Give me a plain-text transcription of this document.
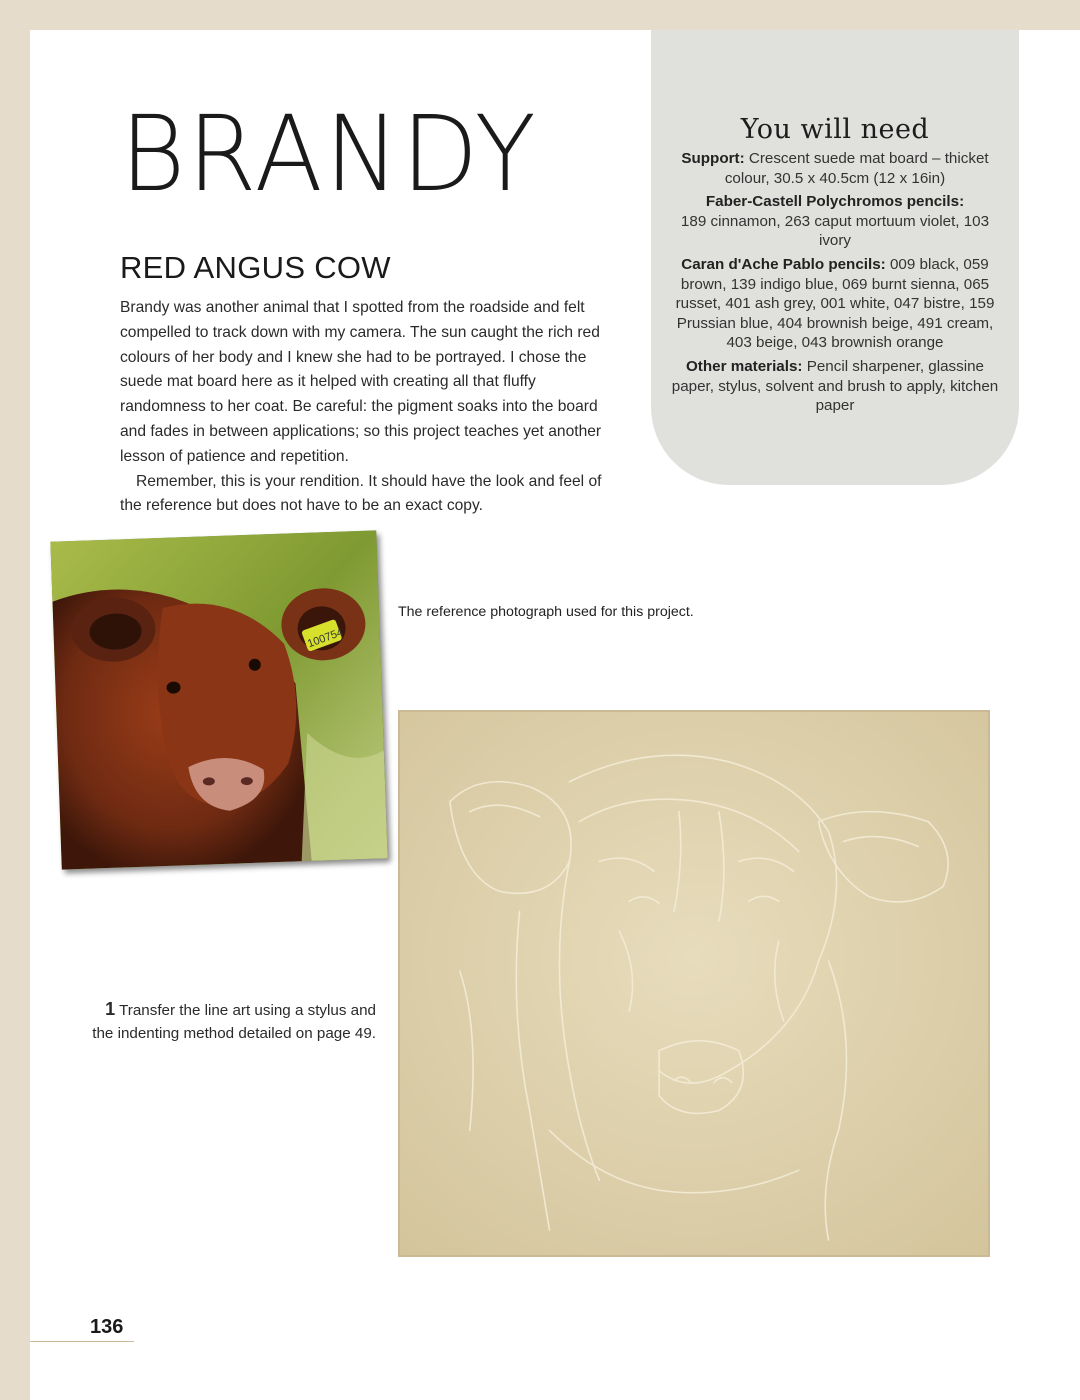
BRANDY
RED ANGUS COW

Brandy was another animal that I spotted from the roadside and felt compelled to track down with my camera. The sun caught the rich red colours of her body and I knew she had to be portrayed. I chose the suede mat board here as it helped with creating all that fluffy randomness to her coat. Be careful: the pigment soaks into the board and fades in between applications; so this project teaches yet another lesson of patience and repetition.

Remember, this is your rendition. It should have the look and feel of the reference but does not have to be an exact copy.

You will need
Support: Crescent suede mat board – thicket colour, 30.5 x 40.5cm (12 x 16in)
Faber-Castell Polychromos pencils:
189 cinnamon, 263 caput mortuum violet, 103 ivory
Caran d'Ache Pablo pencils: 009 black, 059 brown, 139 indigo blue, 069 burnt sienna, 065 russet, 401 ash grey, 001 white, 047 bistre, 159 Prussian blue, 404 brownish beige, 491 cream, 403 beige, 043 brownish orange
Other materials: Pencil sharpener, glassine paper, stylus, solvent and brush to apply, kitchen paper
100754
The reference photograph used for this project.
1 Transfer the line art using a stylus and the indenting method detailed on page 49.
136
